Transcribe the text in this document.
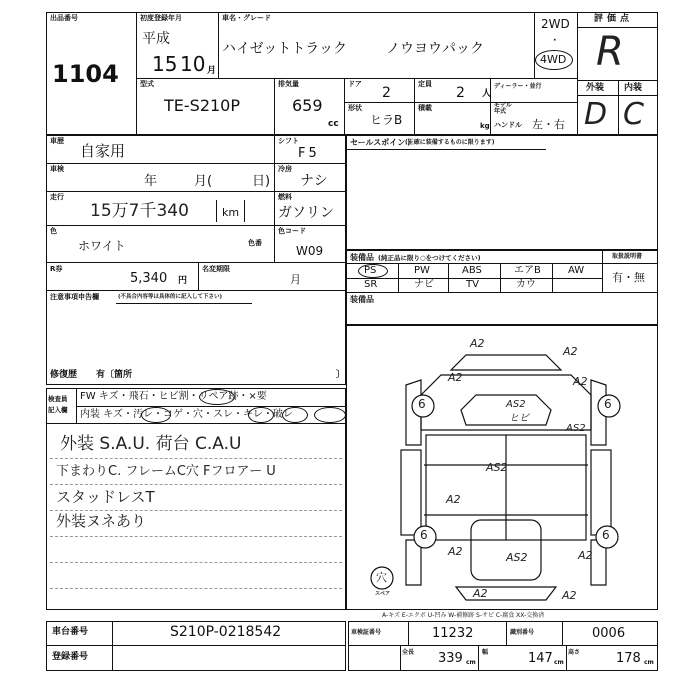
出品番号
1104
初度登録年月
平成
15 10 月
車名・グレード
ハイゼットトラック	ノウヨウパック
2WD
·
4WD
評価点
R
外装 内装
D C
型式
TE-S210P
排気量
659
cc
ドア
2
定員
2 人
ディーラー・並行
形状
ヒラB
積載
kg
モデル年式
ハンドル 左・右
車歴
自家用
シフト
F5
車検
年	月(	日)
冷房
ナシ
走行
15万7千340	km
燃料
ガソリン
色
ホワイト	色番
色コード
W09
R券
5,340 円
名変期限
月
注意事項申告欄	(不具合内容等は具体的に記入して下さい)
修復歴 有〔箇所	〕
セールスポイント
(正確に装備するものに限ります)
装備品 (純正品に限り○をつけてください)
PS	PW	ABS	エアB	AW
SR	ナビ	TV	カウ
取扱説明書
有・無
装備品
検査員
記入欄
FW キズ・飛石・ヒビ割・リペア跡・×要
内装 キズ・汚レ・コゲ・穴・スレ・キレ・破レ
外装 S.A.U. 荷台 C.A.U
下まわりC. フレームC穴 Fフロアー U
スタッドレスT
外装ヌネあり
A2
A2
A2	A2
AS2
ヒビ
AS2
AS2
A2
AS2
A2	A2
A2	A2
6	6
6	6
穴
スペア
A-キズ E-エクボ U-凹み W-補修跡 S-サビ C-腐食 XX-交換済
車台番号	S210P-0218542
登録番号
車検証番号	11232	識別番号	0006
全長 339 cm
幅	147 cm
高さ	178 cm
